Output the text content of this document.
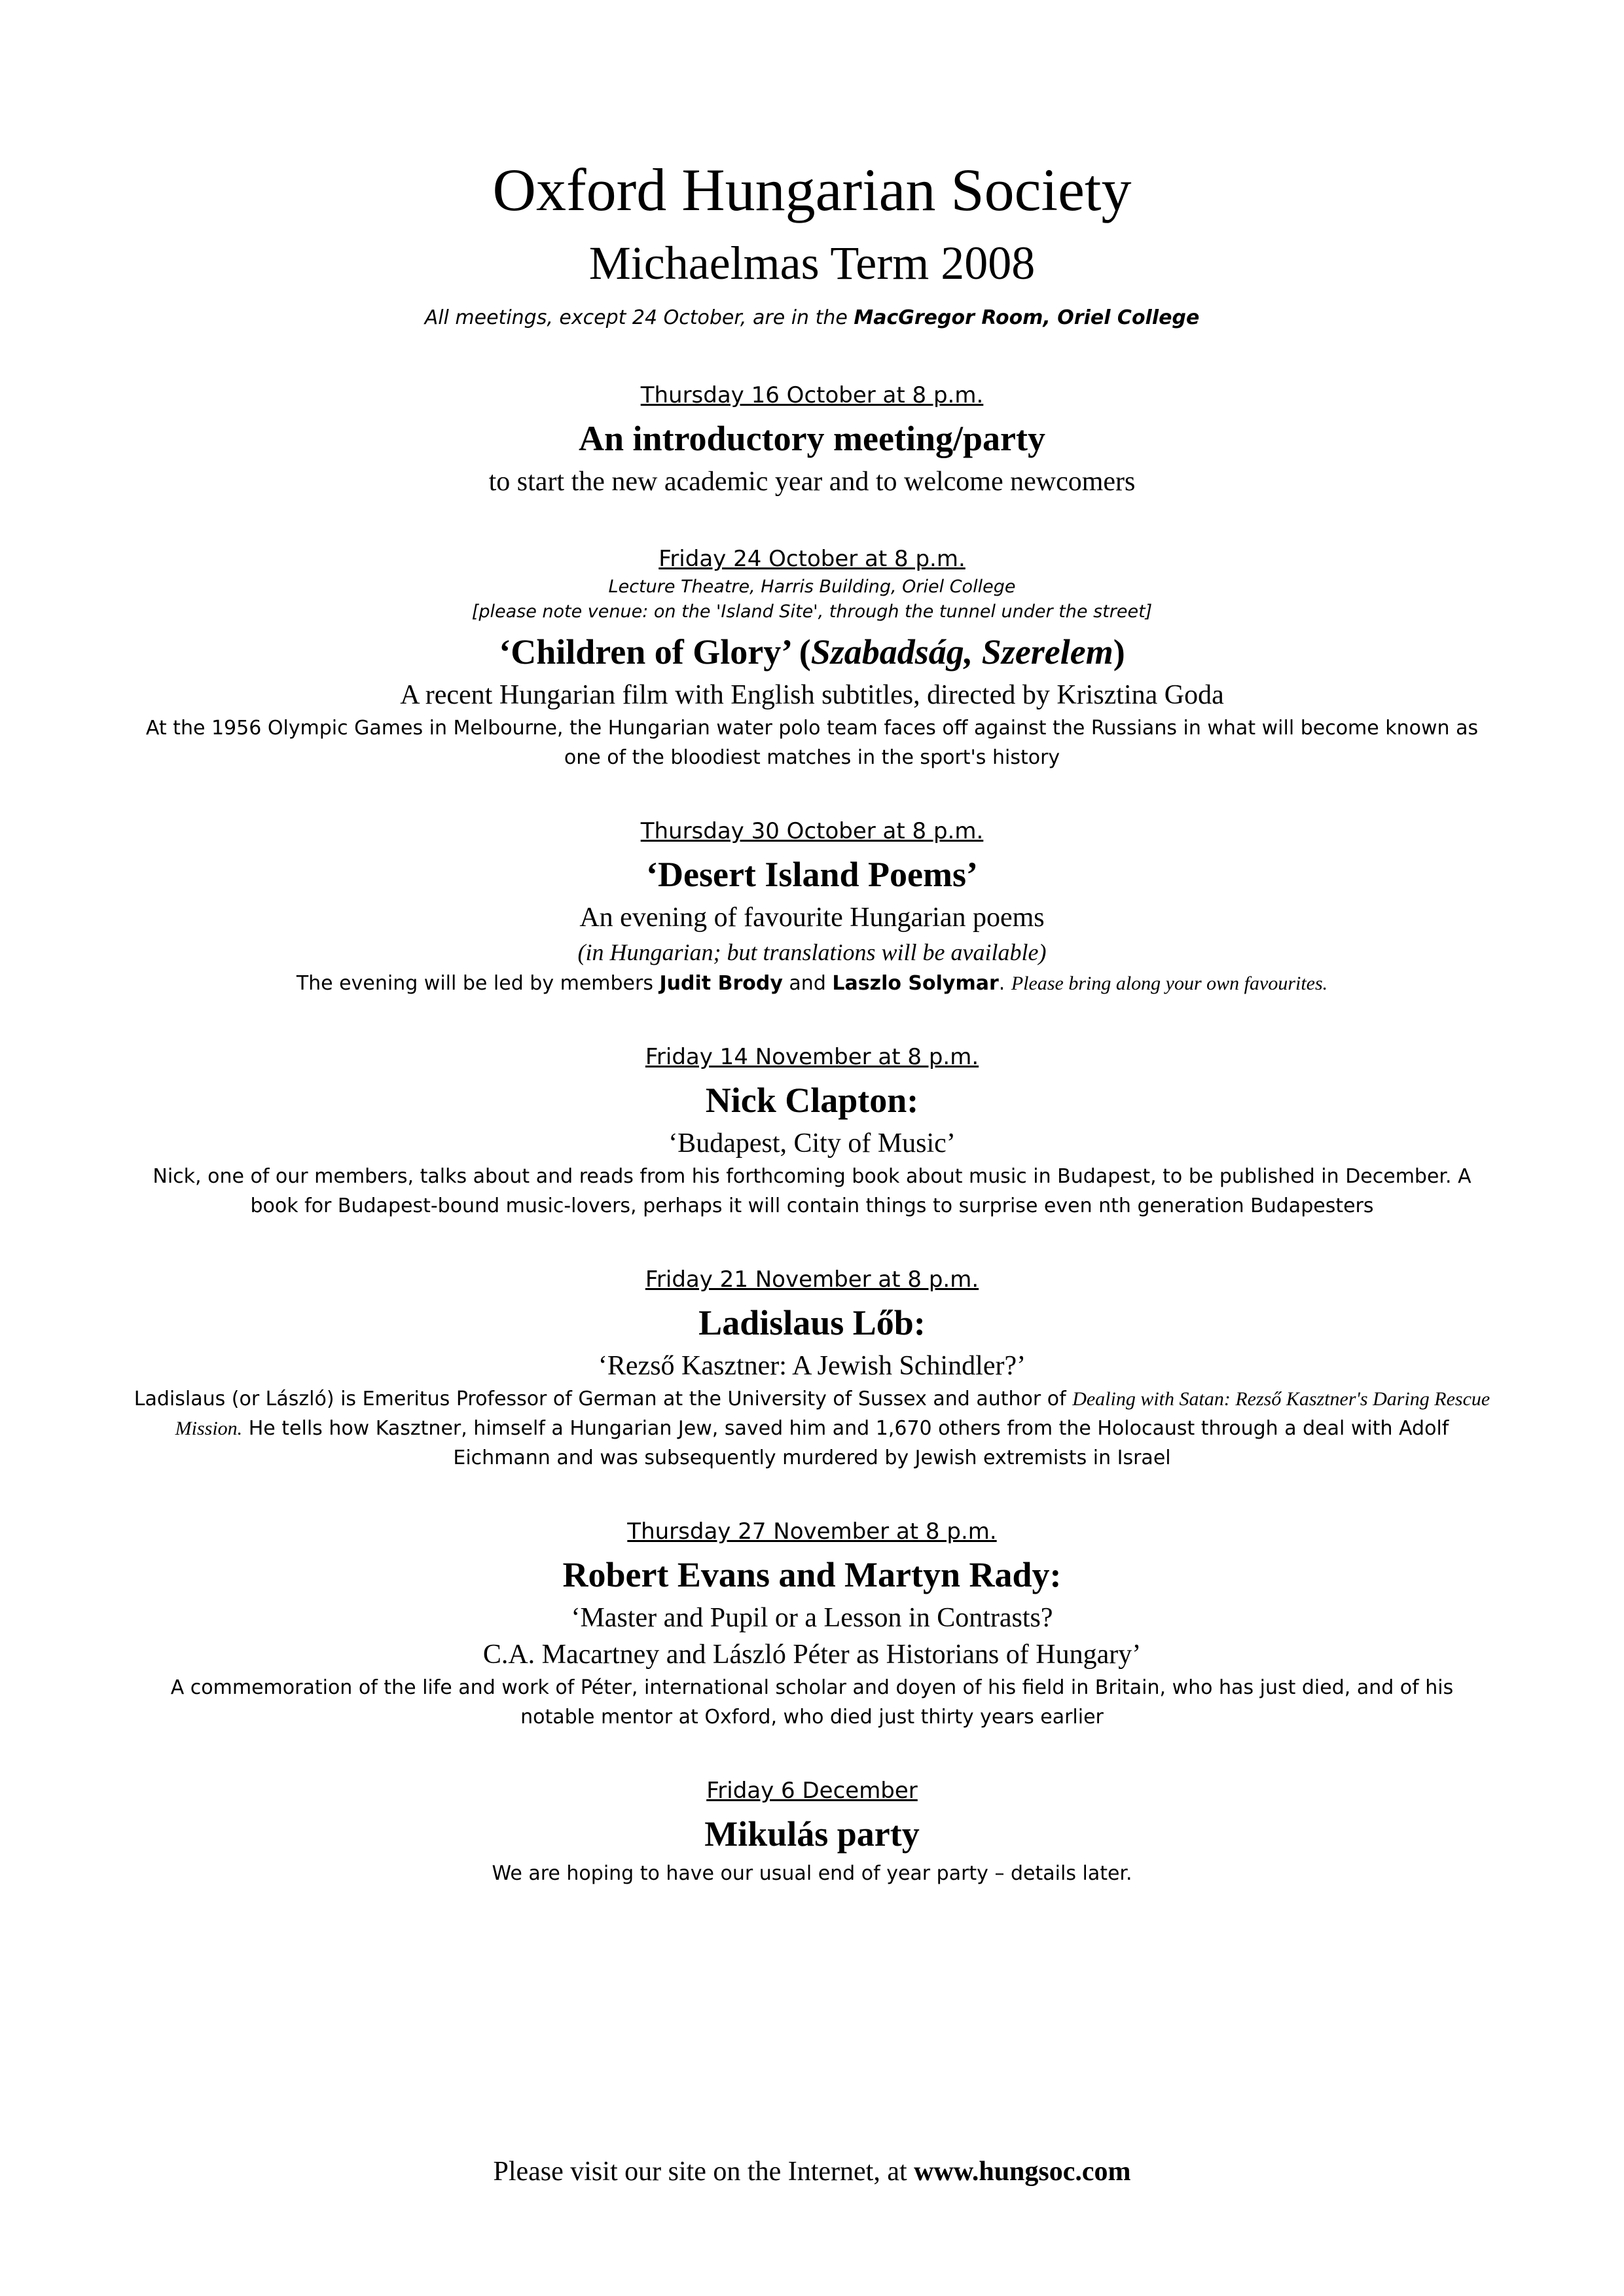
Oxford Hungarian Society
Michaelmas Term 2008
All meetings, except 24 October, are in the MacGregor Room, Oriel College
Thursday 16 October at 8 p.m.
An introductory meeting/party
to start the new academic year and to welcome newcomers
Friday 24 October at 8 p.m.
Lecture Theatre, Harris Building, Oriel College
[please note venue: on the 'Island Site', through the tunnel under the street]
‘Children of Glory’ (Szabadság, Szerelem)
A recent Hungarian film with English subtitles, directed by Krisztina Goda
At the 1956 Olympic Games in Melbourne, the Hungarian water polo team faces off against the Russians in what will become known as one of the bloodiest matches in the sport's history
Thursday 30 October at 8 p.m.
‘Desert Island Poems’
An evening of favourite Hungarian poems
(in Hungarian; but translations will be available)
The evening will be led by members Judit Brody and Laszlo Solymar. Please bring along your own favourites.
Friday 14 November at 8 p.m.
Nick Clapton:
‘Budapest, City of Music’
Nick, one of our members, talks about and reads from his forthcoming book about music in Budapest, to be published in December. A book for Budapest-bound music-lovers, perhaps it will contain things to surprise even nth generation Budapesters
Friday 21 November at 8 p.m.
Ladislaus Lőb:
‘Rezső Kasztner: A Jewish Schindler?’
Ladislaus (or László) is Emeritus Professor of German at the University of Sussex and author of Dealing with Satan: Rezső Kasztner's Daring Rescue Mission. He tells how Kasztner, himself a Hungarian Jew, saved him and 1,670 others from the Holocaust through a deal with Adolf Eichmann and was subsequently murdered by Jewish extremists in Israel
Thursday 27 November at 8 p.m.
Robert Evans and Martyn Rady:
‘Master and Pupil or a Lesson in Contrasts?
C.A. Macartney and László Péter as Historians of Hungary’
A commemoration of the life and work of Péter, international scholar and doyen of his field in Britain, who has just died, and of his notable mentor at Oxford, who died just thirty years earlier
Friday 6 December
Mikulás party
We are hoping to have our usual end of year party – details later.
Please visit our site on the Internet, at www.hungsoc.com
